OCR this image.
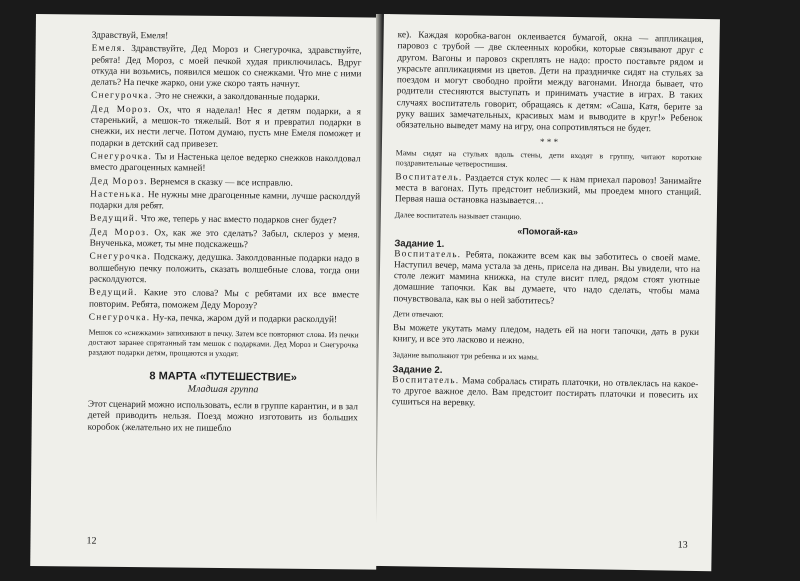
Здравствуй, Емеля!

Емеля. Здравствуйте, Дед Мороз и Снегурочка, здравствуйте, ребята! Дед Мороз, с моей печкой худая приключилась. Вдруг откуда ни возьмись, появился мешок со снежками. Что мне с ними делать? На печке жарко, они уже скоро таять начнут.

Снегурочка. Это не снежки, а заколдованные подарки.

Дед Мороз. Ох, что я наделал! Нес я детям подарки, а я старенький, а мешок-то тяжелый. Вот я и превратил подарки в снежки, их нести легче. Потом думаю, пусть мне Емеля поможет и подарки в детский сад привезет.

Снегурочка. Ты и Настенька целое ведерко снежков наколдовал вместо драгоценных камней!

Дед Мороз. Вернемся в сказку — все исправлю.

Настенька. Не нужны мне драгоценные камни, лучше расколдуй подарки для ребят.

Ведущий. Что же, теперь у нас вместо подарков снег будет?

Дед Мороз. Ох, как же это сделать? Забыл, склероз у меня. Внученька, может, ты мне подскажешь?

Снегурочка. Подскажу, дедушка. Заколдованные подарки надо в волшебную печку положить, сказать волшебные слова, тогда они расколдуются.

Ведущий. Какие это слова? Мы с ребятами их все вместе повторим. Ребята, поможем Деду Морозу?

Снегурочка. Ну-ка, печка, жаром дуй и подарки расколдуй!

Мешок со «снежками» запихивают в печку. Затем все повторяют слова. Из печки достают заранее спрятанный там мешок с подарками. Дед Мороз и Снегурочка раздают подарки детям, прощаются и уходят.

8 МАРТА «ПУТЕШЕСТВИЕ»
Младшая группа

Этот сценарий можно использовать, если в группе карантин, и в зал детей приводить нельзя. Поезд можно изготовить из больших коробок (желательно их не пишебло

12

ке). Каждая коробка-вагон оклеивается бумагой, окна — аппликация, паровоз с трубой — две склеенных коробки, которые связывают друг с другом. Вагоны и паровоз скреплять не надо: просто поставьте рядом и украсьте аппликациями из цветов. Дети на праздничке сидят на стульях за поездом и могут свободно пройти между вагонами. Иногда бывает, что родители стесняются выступать и принимать участие в играх. В таких случаях воспитатель говорит, обращаясь к детям: «Саша, Катя, берите за руку ваших замечательных, красивых мам и выводите в круг!» Ребенок обязательно выведет маму на игру, она сопротивляться не будет.

* * *

Мамы сидят на стульях вдоль стены, дети входят в группу, читают короткие поздравительные четверостишия.

Воспитатель. Раздается стук колес — к нам приехал паровоз! Занимайте места в вагонах. Путь предстоит неблизкий, мы проедем много станций. Первая наша остановка называется…

Далее воспитатель называет станцию.

«Помогай-ка»
Задание 1.

Воспитатель. Ребята, покажите всем как вы заботитесь о своей маме. Наступил вечер, мама устала за день, присела на диван. Вы увидели, что на столе лежит мамина книжка, на стуле висит плед, рядом стоят уютные домашние тапочки. Как вы думаете, что надо сделать, чтобы мама почувствовала, как вы о ней заботитесь?

Дети отвечают.

Вы можете укутать маму пледом, надеть ей на ноги тапочки, дать в руки книгу, и все это ласково и нежно.

Задание выполняют три ребенка и их мамы.

Задание 2.

Воспитатель. Мама собралась стирать платочки, но отвлеклась на какое-то другое важное дело. Вам предстоит постирать платочки и повесить их сушиться на веревку.

13
